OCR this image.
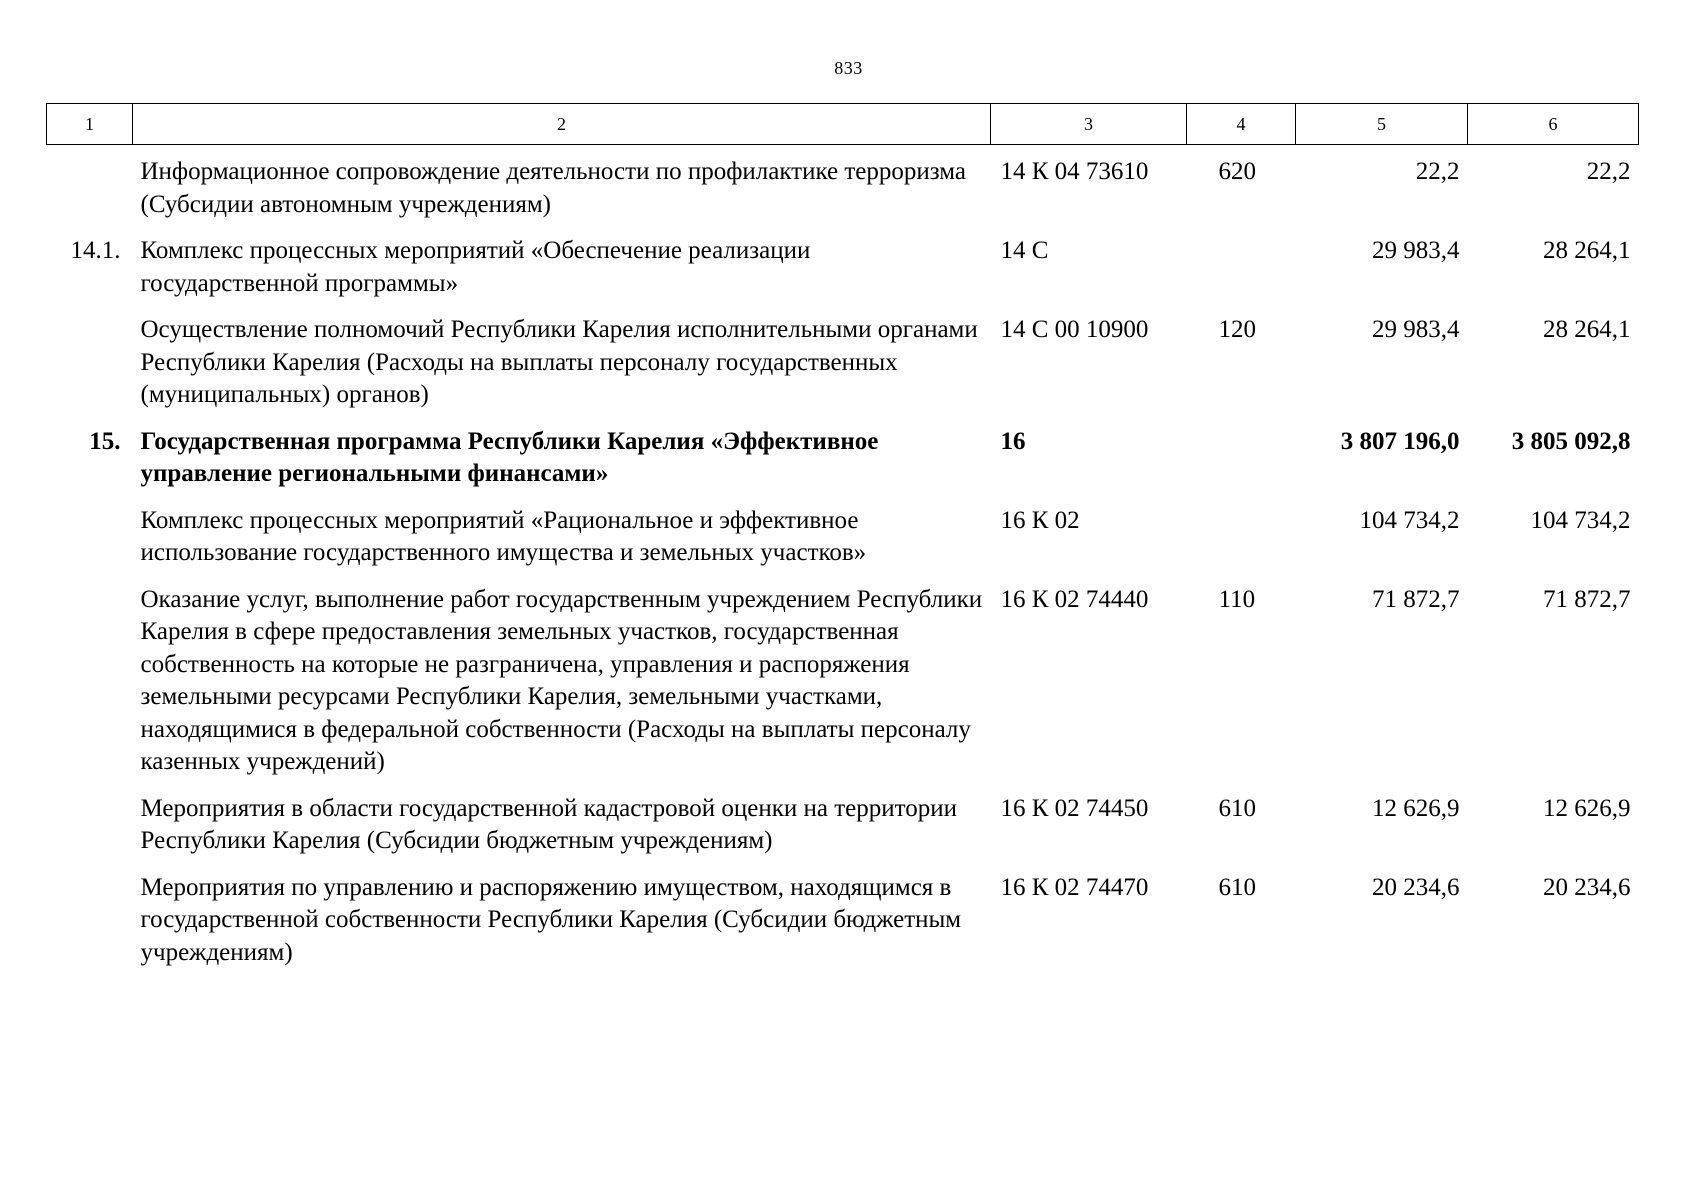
833
1	2	3	4	5	6
	Информационное сопровождение деятельности по профилактике терроризма (Субсидии автономным учреждениям)	14 К 04 73610	620	22,2	22,2
14.1.	Комплекс процессных мероприятий «Обеспечение реализации государственной программы»	14 С		29 983,4	28 264,1
	Осуществление полномочий Республики Карелия исполнительными органами Республики Карелия (Расходы на выплаты персоналу государственных (муниципальных) органов)	14 С 00 10900	120	29 983,4	28 264,1
15.	Государственная программа Республики Карелия «Эффективное управление региональными финансами»	16		3 807 196,0	3 805 092,8
	Комплекс процессных мероприятий «Рациональное и эффективное использование государственного имущества и земельных участков»	16 К 02		104 734,2	104 734,2
	Оказание услуг, выполнение работ государственным учреждением Республики Карелия в сфере предоставления земельных участков, государственная собственность на которые не разграничена, управления и распоряжения земельными ресурсами Республики Карелия, земельными участками, находящимися в федеральной собственности (Расходы на выплаты персоналу казенных учреждений)	16 К 02 74440	110	71 872,7	71 872,7
	Мероприятия в области государственной кадастровой оценки на территории Республики Карелия (Субсидии бюджетным учреждениям)	16 К 02 74450	610	12 626,9	12 626,9
	Мероприятия по управлению и распоряжению имуществом, находящимся в государственной собственности Республики Карелия (Субсидии бюджетным учреждениям)	16 К 02 74470	610	20 234,6	20 234,6
